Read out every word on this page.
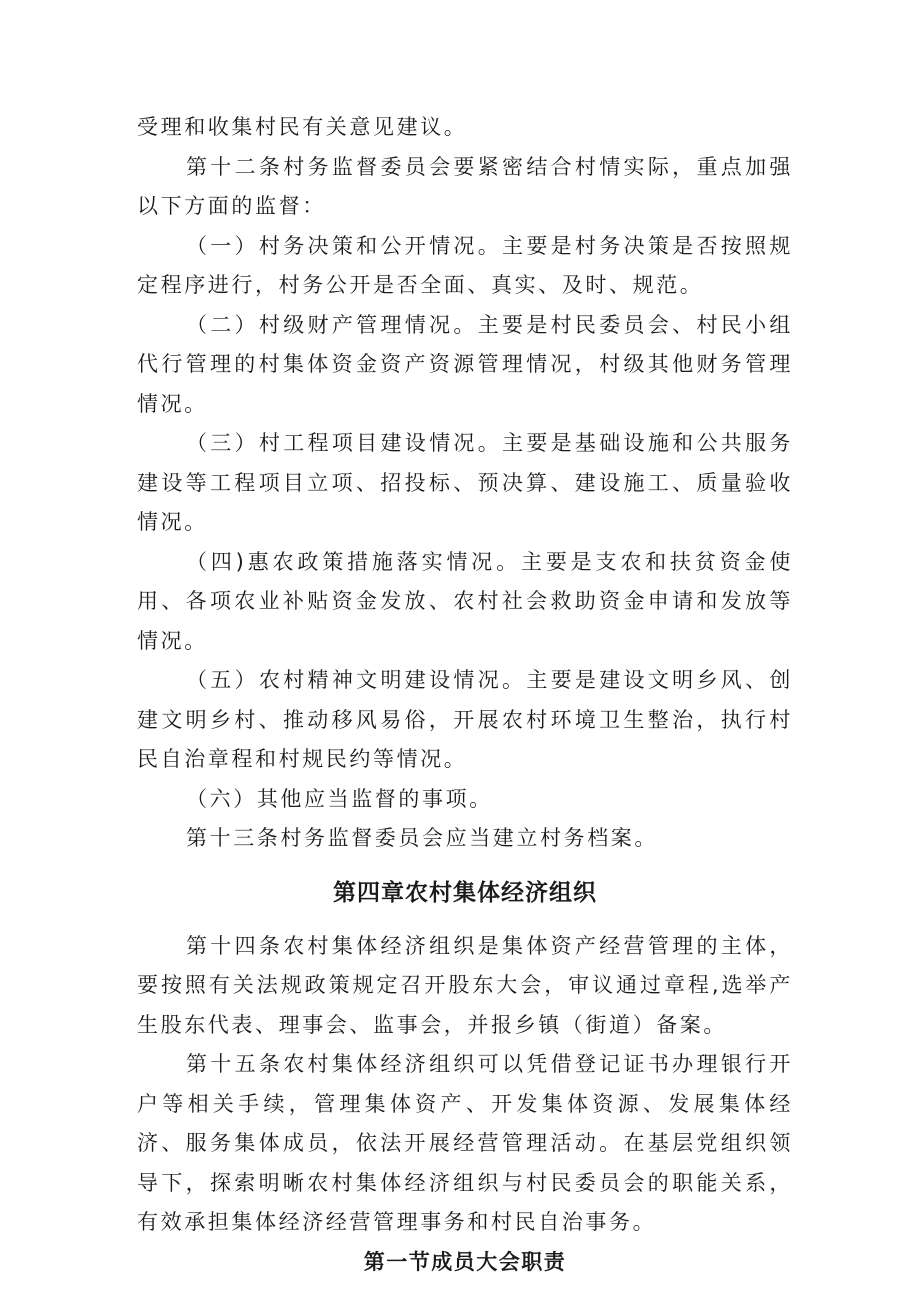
受理和收集村民有关意见建议。

第十二条村务监督委员会要紧密结合村情实际，重点加强以下方面的监督：

（一）村务决策和公开情况。主要是村务决策是否按照规定程序进行，村务公开是否全面、真实、及时、规范。

（二）村级财产管理情况。主要是村民委员会、村民小组代行管理的村集体资金资产资源管理情况，村级其他财务管理情况。

（三）村工程项目建设情况。主要是基础设施和公共服务建设等工程项目立项、招投标、预决算、建设施工、质量验收情况。

（四)惠农政策措施落实情况。主要是支农和扶贫资金使用、各项农业补贴资金发放、农村社会救助资金申请和发放等情况。

（五）农村精神文明建设情况。主要是建设文明乡风、创建文明乡村、推动移风易俗，开展农村环境卫生整治，执行村民自治章程和村规民约等情况。

（六）其他应当监督的事项。

第十三条村务监督委员会应当建立村务档案。

第四章农村集体经济组织

第十四条农村集体经济组织是集体资产经营管理的主体，要按照有关法规政策规定召开股东大会，审议通过章程,选举产生股东代表、理事会、监事会，并报乡镇（街道）备案。

第十五条农村集体经济组织可以凭借登记证书办理银行开户等相关手续，管理集体资产、开发集体资源、发展集体经济、服务集体成员，依法开展经营管理活动。在基层党组织领导下，探索明晰农村集体经济组织与村民委员会的职能关系，有效承担集体经济经营管理事务和村民自治事务。

第一节成员大会职责
